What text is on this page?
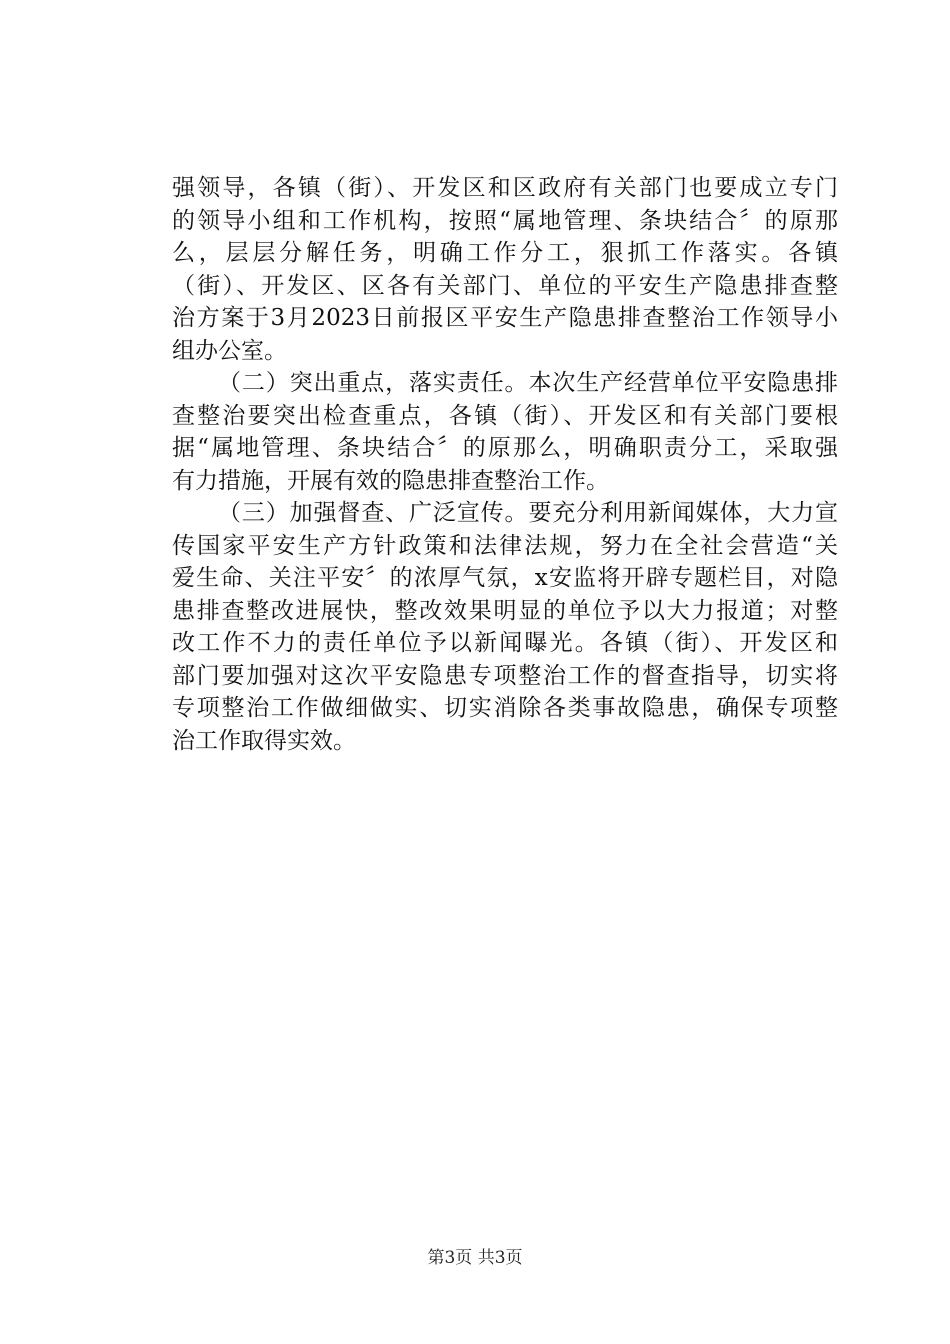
强领导，各镇（街）、开发区和区政府有关部门也要成立专门
的领导小组和工作机构，按照“属地管理、条块结合〞的原那
么，层层分解任务，明确工作分工，狠抓工作落实。各镇
（街）、开发区、区各有关部门、单位的平安生产隐患排查整
治方案于3月2023日前报区平安生产隐患排查整治工作领导小
组办公室。
（二）突出重点，落实责任。本次生产经营单位平安隐患排
查整治要突出检查重点，各镇（街）、开发区和有关部门要根
据“属地管理、条块结合〞的原那么，明确职责分工，采取强
有力措施，开展有效的隐患排查整治工作。
（三）加强督查、广泛宣传。要充分利用新闻媒体，大力宣
传国家平安生产方针政策和法律法规，努力在全社会营造“关
爱生命、关注平安〞的浓厚气氛，x安监将开辟专题栏目，对隐
患排查整改进展快，整改效果明显的单位予以大力报道；对整
改工作不力的责任单位予以新闻曝光。各镇（街）、开发区和
部门要加强对这次平安隐患专项整治工作的督查指导，切实将
专项整治工作做细做实、切实消除各类事故隐患，确保专项整
治工作取得实效。
第3页 共3页
